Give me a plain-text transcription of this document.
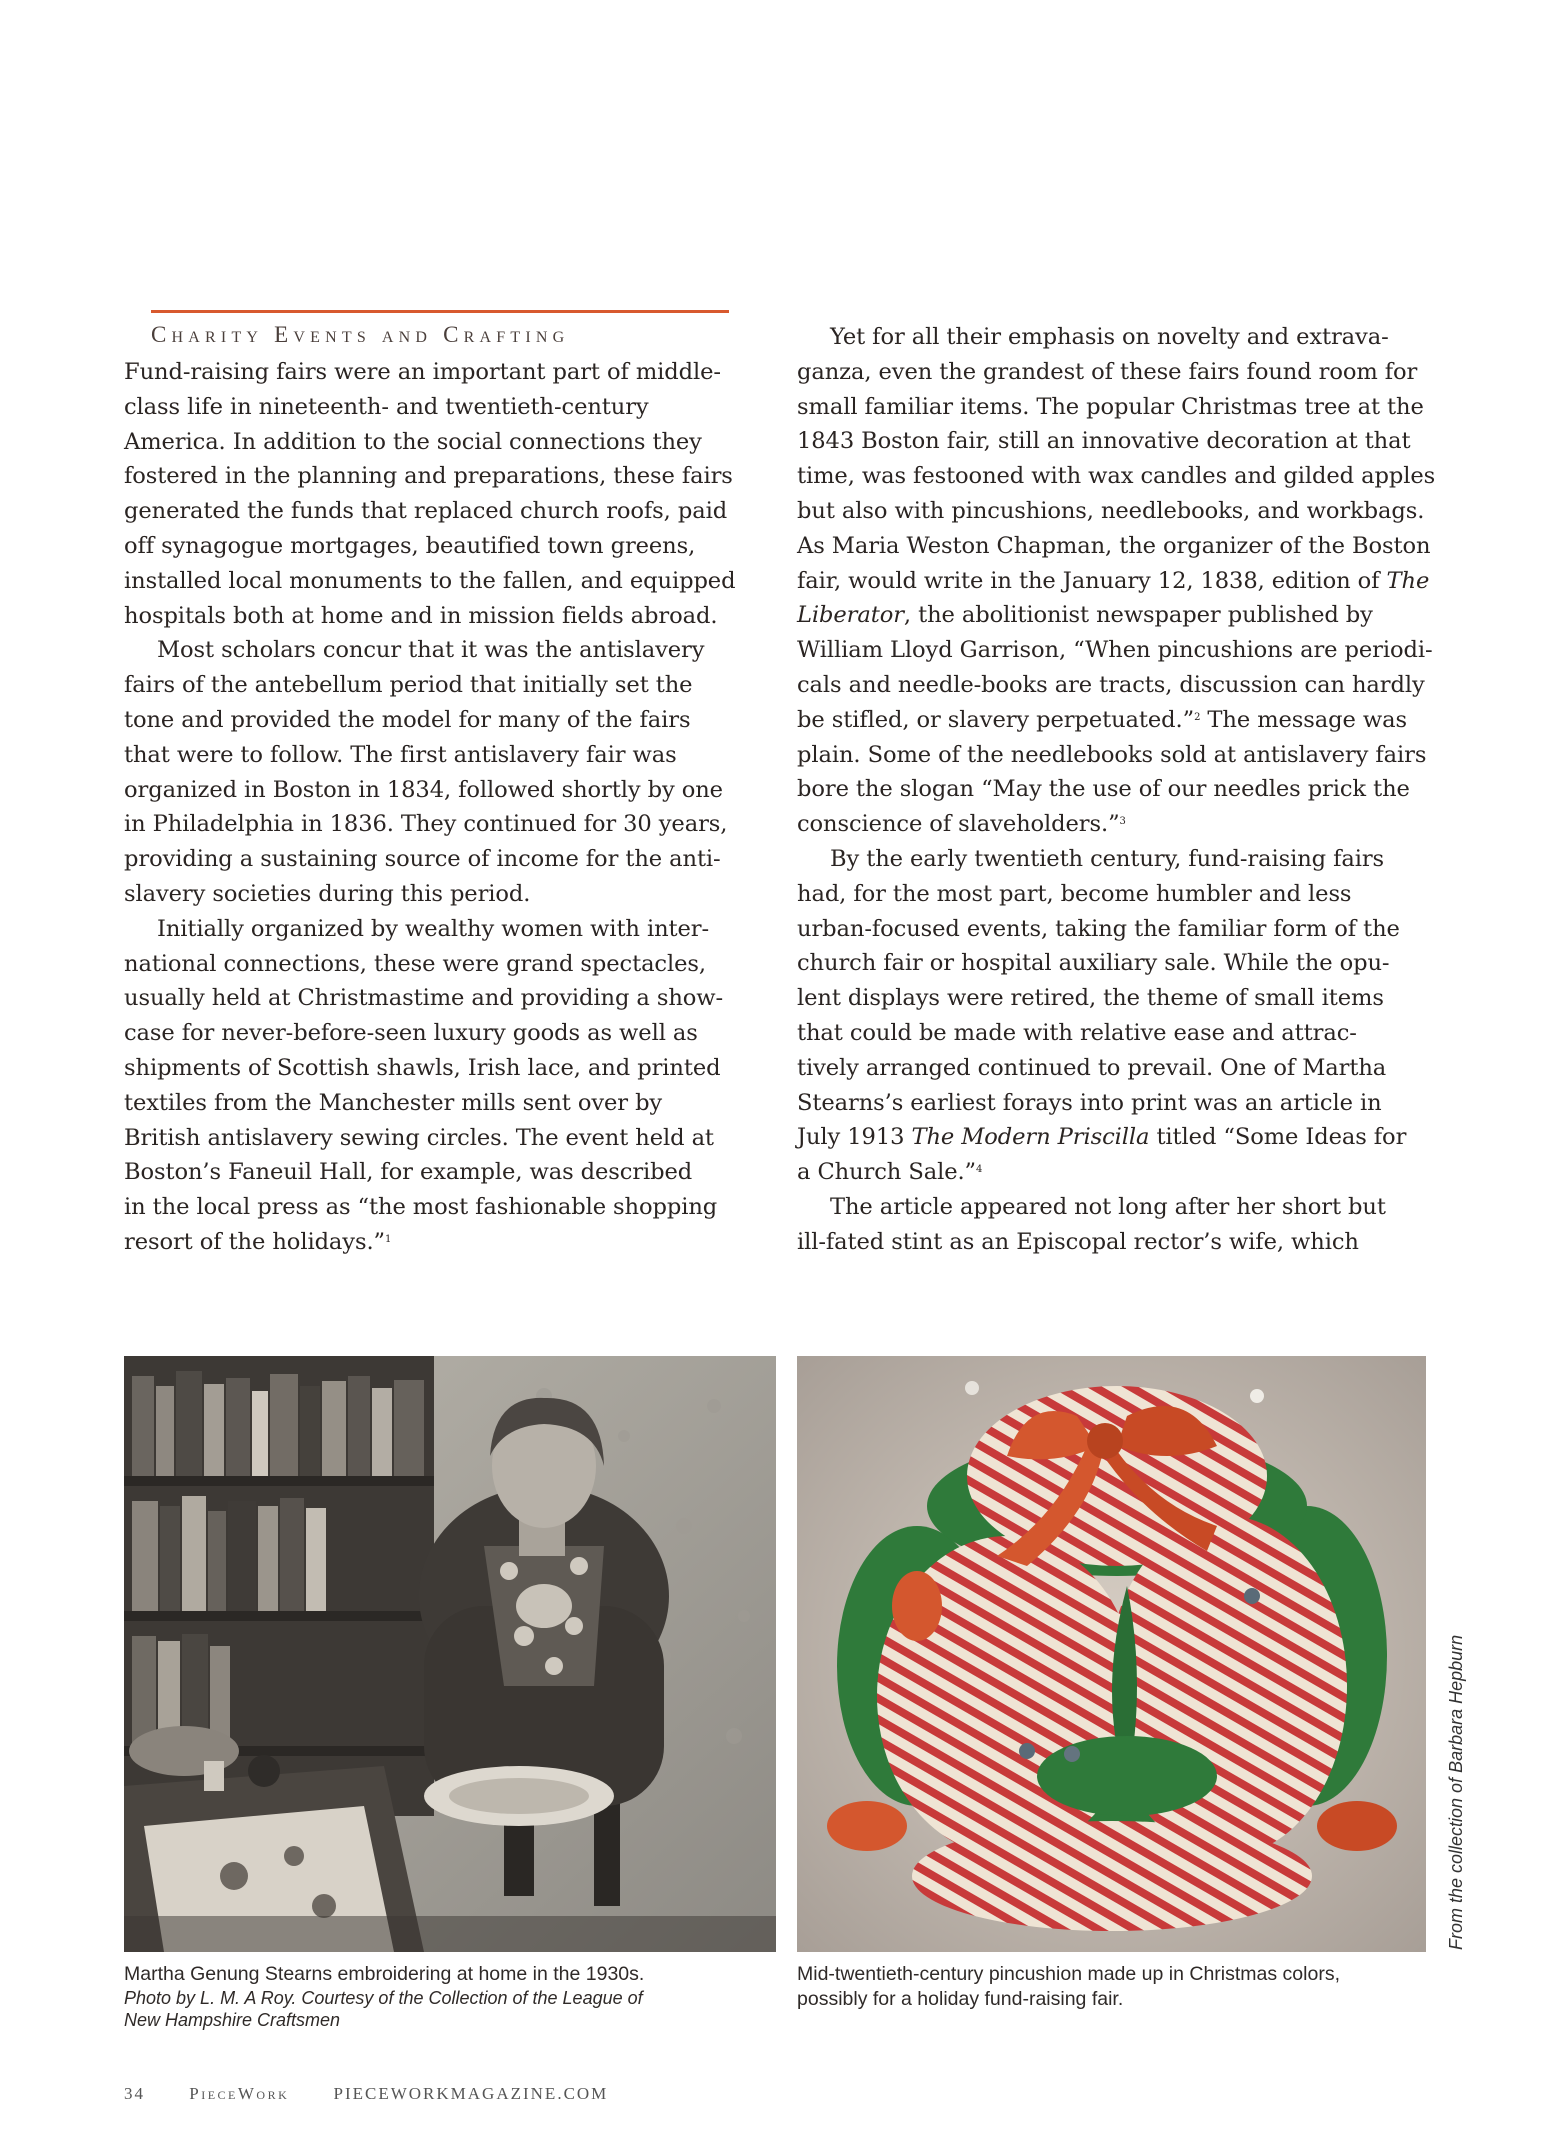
Charity Events and Crafting
Fund-raising fairs were an important part of middle-
class life in nineteenth- and twentieth-century
America. In addition to the social connections they
fostered in the planning and preparations, these fairs
generated the funds that replaced church roofs, paid
off synagogue mortgages, beautified town greens,
installed local monuments to the fallen, and equipped
hospitals both at home and in mission fields abroad.
Most scholars concur that it was the antislavery
fairs of the antebellum period that initially set the
tone and provided the model for many of the fairs
that were to follow. The first antislavery fair was
organized in Boston in 1834, followed shortly by one
in Philadelphia in 1836. They continued for 30 years,
providing a sustaining source of income for the anti-
slavery societies during this period.
Initially organized by wealthy women with inter-
national connections, these were grand spectacles,
usually held at Christmastime and providing a show-
case for never-before-seen luxury goods as well as
shipments of Scottish shawls, Irish lace, and printed
textiles from the Manchester mills sent over by
British antislavery sewing circles. The event held at
Boston’s Faneuil Hall, for example, was described
in the local press as “the most fashionable shopping
resort of the holidays.”$^1$
Yet for all their emphasis on novelty and extrava-
ganza, even the grandest of these fairs found room for
small familiar items. The popular Christmas tree at the
1843 Boston fair, still an innovative decoration at that
time, was festooned with wax candles and gilded apples
but also with pincushions, needlebooks, and workbags.
As Maria Weston Chapman, the organizer of the Boston
fair, would write in the January 12, 1838, edition of The
Liberator, the abolitionist newspaper published by
William Lloyd Garrison, “When pincushions are periodi-
cals and needle-books are tracts, discussion can hardly
be stifled, or slavery perpetuated.”$^2$ The message was
plain. Some of the needlebooks sold at antislavery fairs
bore the slogan “May the use of our needles prick the
conscience of slaveholders.”$^3$
By the early twentieth century, fund-raising fairs
had, for the most part, become humbler and less
urban-focused events, taking the familiar form of the
church fair or hospital auxiliary sale. While the opu-
lent displays were retired, the theme of small items
that could be made with relative ease and attrac-
tively arranged continued to prevail. One of Martha
Stearns’s earliest forays into print was an article in
July 1913 The Modern Priscilla titled “Some Ideas for
a Church Sale.”$^4$
The article appeared not long after her short but
ill-fated stint as an Episcopal rector’s wife, which
Martha Genung Stearns embroidering at home in the 1930s.
Photo by L. M. A Roy. Courtesy of the Collection of the League of
New Hampshire Craftsmen
Mid-twentieth-century pincushion made up in Christmas colors,
possibly for a holiday fund-raising fair.
From the collection of Barbara Hepburn
34	PieceWork	PIECEWORKMAGAZINE.COM
